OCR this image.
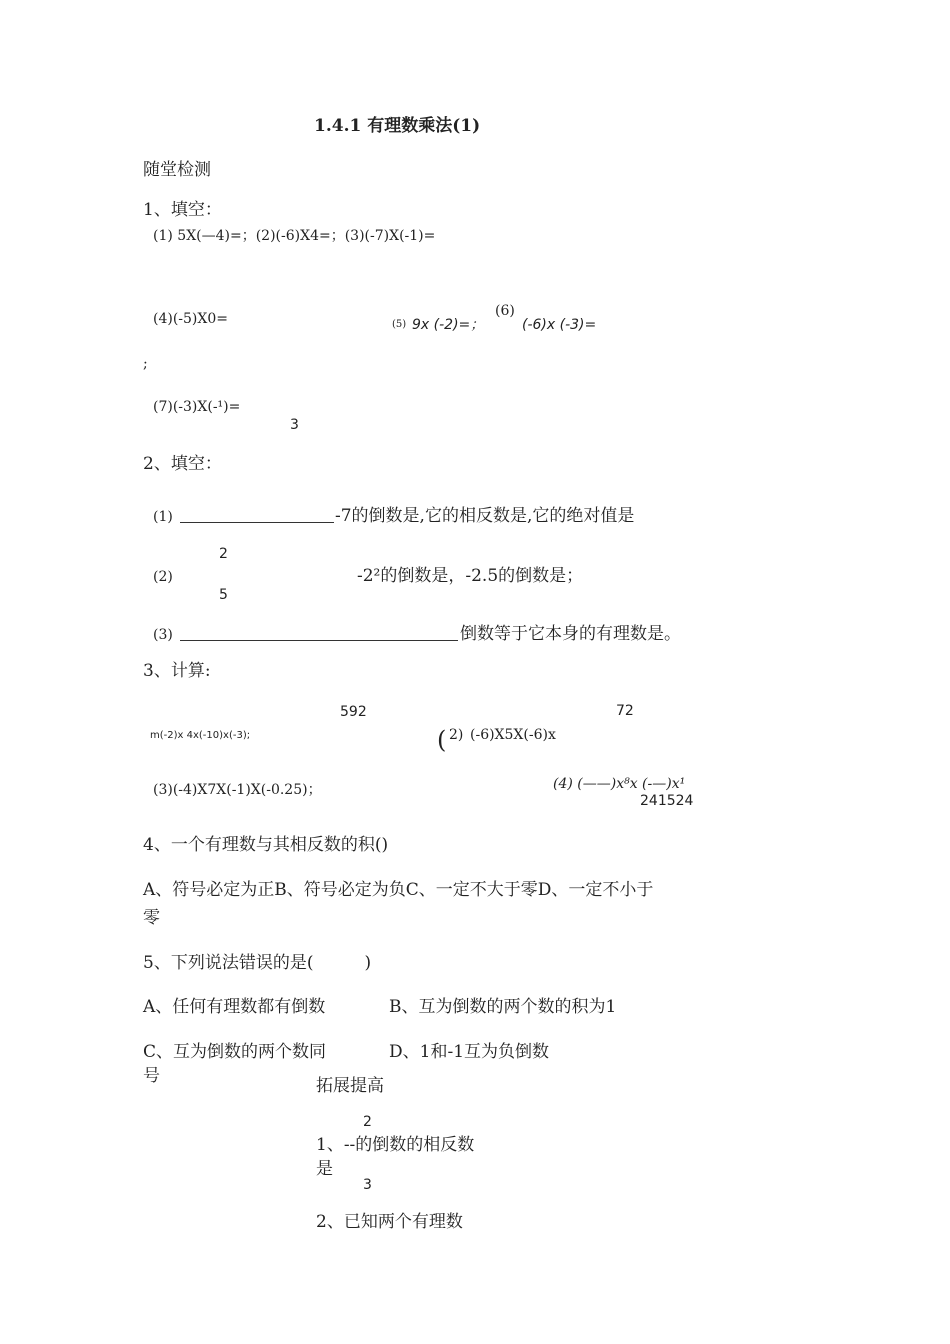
1.4.1 有理数乘法(1)
随堂检测
1、填空：
(1) 5X(—4)=；(2)(-6)X4=；(3)(-7)X(-1)=
(4)(-5)X0=	(5) 9x (-2)=；
(6)
(-6)x (-3)=
;
(7)(-3)X(-¹)=
3
2、填空：
(1)	-7的倒数是,它的相反数是,它的绝对值是
2
(2)
5
-2²的倒数是，-2.5的倒数是；
(3)	倒数等于它本身的有理数是。
3、计算:
592
m(-2)x 4x(-10)x(-3);
72
( 2) (-6)X5X(-6)x
(3)(-4)X7X(-1)X(-0.25)；	(4) (——)x⁸x (-—)x¹
241524
4、一个有理数与其相反数的积()
A、符号必定为正B、符号必定为负C、一定不大于零D、一定不小于
零
5、下列说法错误的是(　　　)
A、任何有理数都有倒数	B、互为倒数的两个数的积为1
C、互为倒数的两个数同
号
D、1和-1互为负倒数
拓展提高
2
1、--的倒数的相反数
是
3
2、已知两个有理数
